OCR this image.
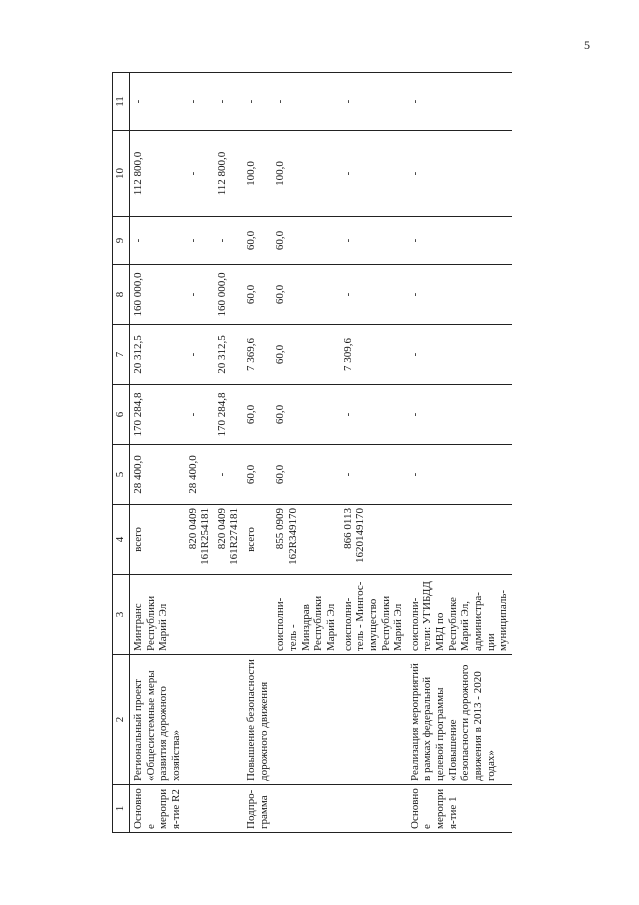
5
1	2	3	4	5	6	7	8	9	10	11
Основное мероприя-тие R2	Региональный проект «Общесистемные меры развития дорожного хозяйства»	Минтранс Республики Марий Эл	всего	28 400,0	170 284,8	20 312,5	160 000,0	-	112 800,0	-
			820 0409 161R254181	28 400,0	-	-	-	-	-	-
			820 0409 161R274181	-	170 284,8	20 312,5	160 000,0	-	112 800,0	-
Подпро-грамма	Повышение безопасности дорожного движения		всего	60,0	60,0	7 369,6	60,0	60,0	100,0	-
		соисполни-тель - Минздрав Республики Марий Эл	855 0909 162R349170	60,0	60,0	60,0	60,0	60,0	100,0	-
		соисполни-тель - Мингос-имущество Республики Марий Эл	866 0113 1620149170	-	-	7 309,6	-	-	-	-
Основное мероприя-тие 1	Реализация мероприятий в рамках федеральной целевой программы «Повышение безопасности дорожного движения в 2013 - 2020 годах»	соисполни-тели: УГИБДД МВД по Республике Марий Эл, администра-ции муниципаль-		-	-	-	-	-	-	-
